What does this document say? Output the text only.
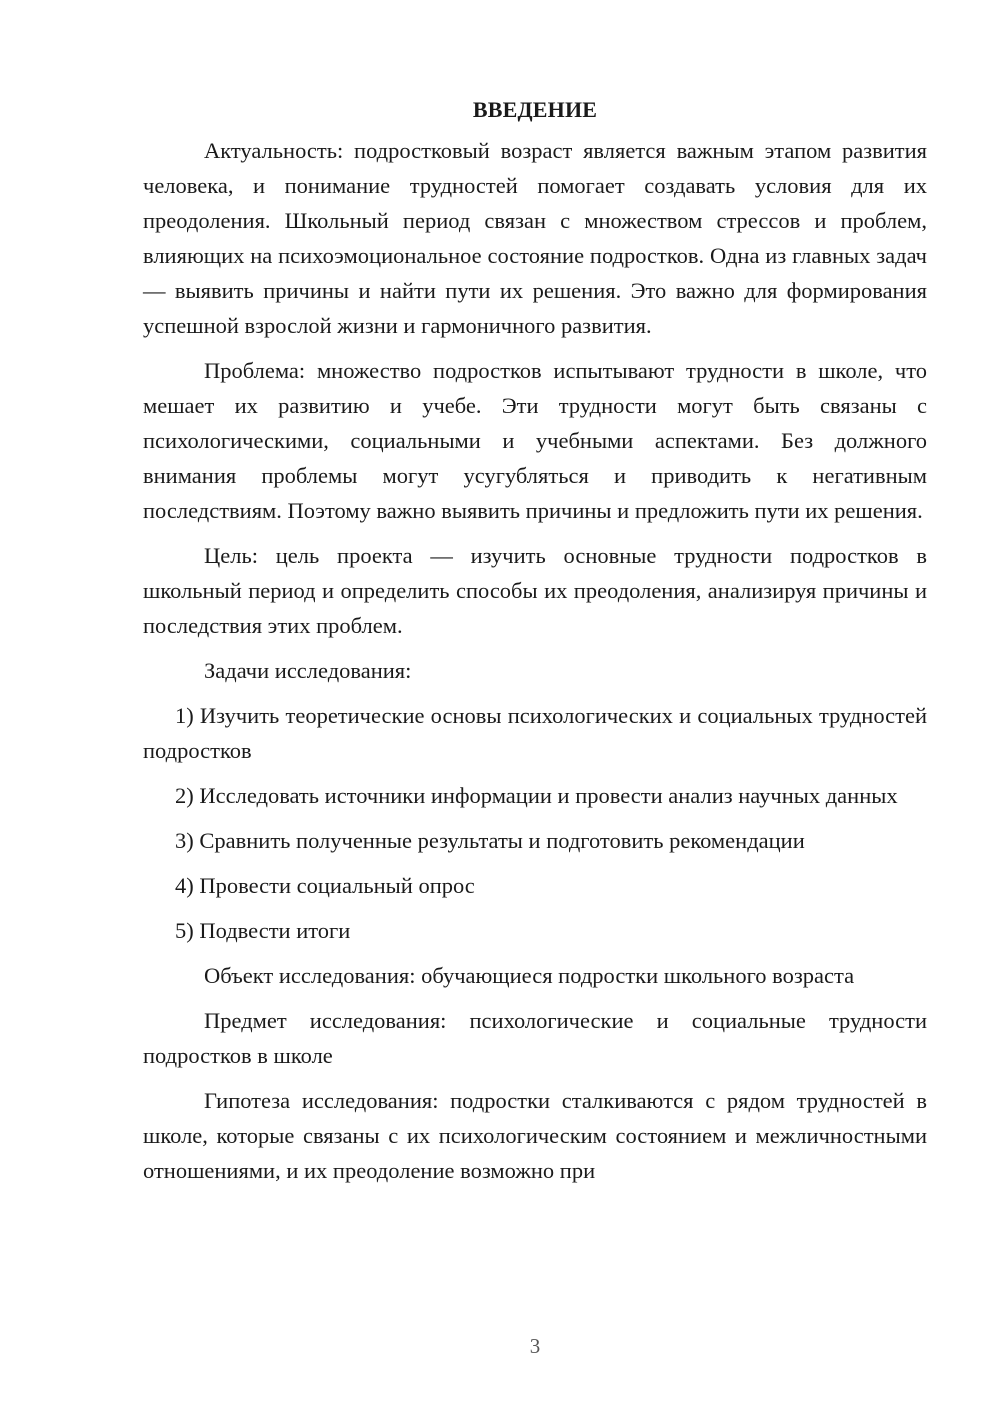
ВВЕДЕНИЕ

Актуальность: подростковый возраст является важным этапом развития человека, и понимание трудностей помогает создавать условия для их преодоления. Школьный период связан с множеством стрессов и проблем, влияющих на психоэмоциональное состояние подростков. Одна из главных задач — выявить причины и найти пути их решения. Это важно для формирования успешной взрослой жизни и гармоничного развития.

Проблема: множество подростков испытывают трудности в школе, что мешает их развитию и учебе. Эти трудности могут быть связаны с психологическими, социальными и учебными аспектами. Без должного внимания проблемы могут усугубляться и приводить к негативным последствиям. Поэтому важно выявить причины и предложить пути их решения.

Цель: цель проекта — изучить основные трудности подростков в школьный период и определить способы их преодоления, анализируя причины и последствия этих проблем.

Задачи исследования:

1) Изучить теоретические основы психологических и социальных трудностей подростков

2) Исследовать источники информации и провести анализ научных данных

3) Сравнить полученные результаты и подготовить рекомендации

4) Провести социальный опрос

5) Подвести итоги

Объект исследования: обучающиеся подростки школьного возраста

Предмет исследования: психологические и социальные трудности подростков в школе

Гипотеза исследования: подростки сталкиваются с рядом трудностей в школе, которые связаны с их психологическим состоянием и межличностными отношениями, и их преодоление возможно при

3
